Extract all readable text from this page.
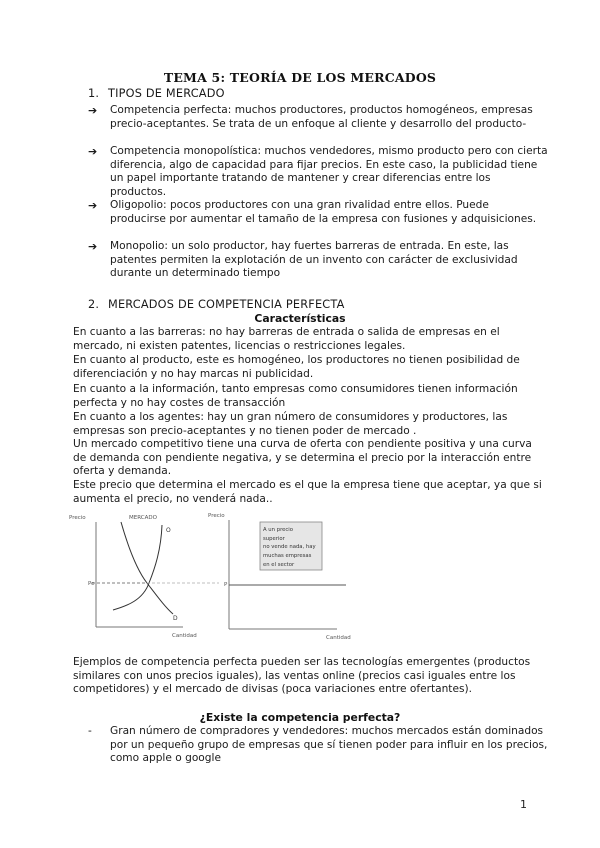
TEMA 5: TEORÍA DE LOS MERCADOS
1. TIPOS DE MERCADO
➔ Competencia perfecta: muchos productores, productos homogéneos, empresas precio-aceptantes. Se trata de un enfoque al cliente y desarrollo del producto-
➔ Competencia monopolística: muchos vendedores, mismo producto pero con cierta diferencia, algo de capacidad para fijar precios. En este caso, la publicidad tiene un papel importante tratando de mantener y crear diferencias entre los productos.
➔ Oligopolio: pocos productores con una gran rivalidad entre ellos. Puede producirse por aumentar el tamaño de la empresa con fusiones y adquisiciones.
➔ Monopolio: un solo productor, hay fuertes barreras de entrada. En este, las patentes permiten la explotación de un invento con carácter de exclusividad durante un determinado tiempo
2. MERCADOS DE COMPETENCIA PERFECTA
Características
En cuanto a las barreras: no hay barreras de entrada o salida de empresas en el mercado, ni existen patentes, licencias o restricciones legales.
En cuanto al producto, este es homogéneo, los productores no tienen posibilidad de diferenciación y no hay marcas ni publicidad.
En cuanto a la información, tanto empresas como consumidores tienen información perfecta y no hay costes de transacción
En cuanto a los agentes: hay un gran número de consumidores y productores, las empresas son precio-aceptantes y no tienen poder de mercado .
Un mercado competitivo tiene una curva de oferta con pendiente positiva y una curva de demanda con pendiente negativa, y se determina el precio por la interacción entre oferta y demanda.
Este precio que determina el mercado es el que la empresa tiene que aceptar, ya que si aumenta el precio, no venderá nada..
Precio	MERCADO
Cantidad
O
D
Pe
Precio
Cantidad
P
A un precio
superior
no vende nada, hay
muchas empresas
en el sector
Ejemplos de competencia perfecta pueden ser las tecnologías emergentes (productos similares con unos precios iguales), las ventas online (precios casi iguales entre los competidores) y el mercado de divisas (poca variaciones entre ofertantes).
¿Existe la competencia perfecta?
- Gran número de compradores y vendedores: muchos mercados están dominados por un pequeño grupo de empresas que sí tienen poder para influir en los precios, como apple o google
1
